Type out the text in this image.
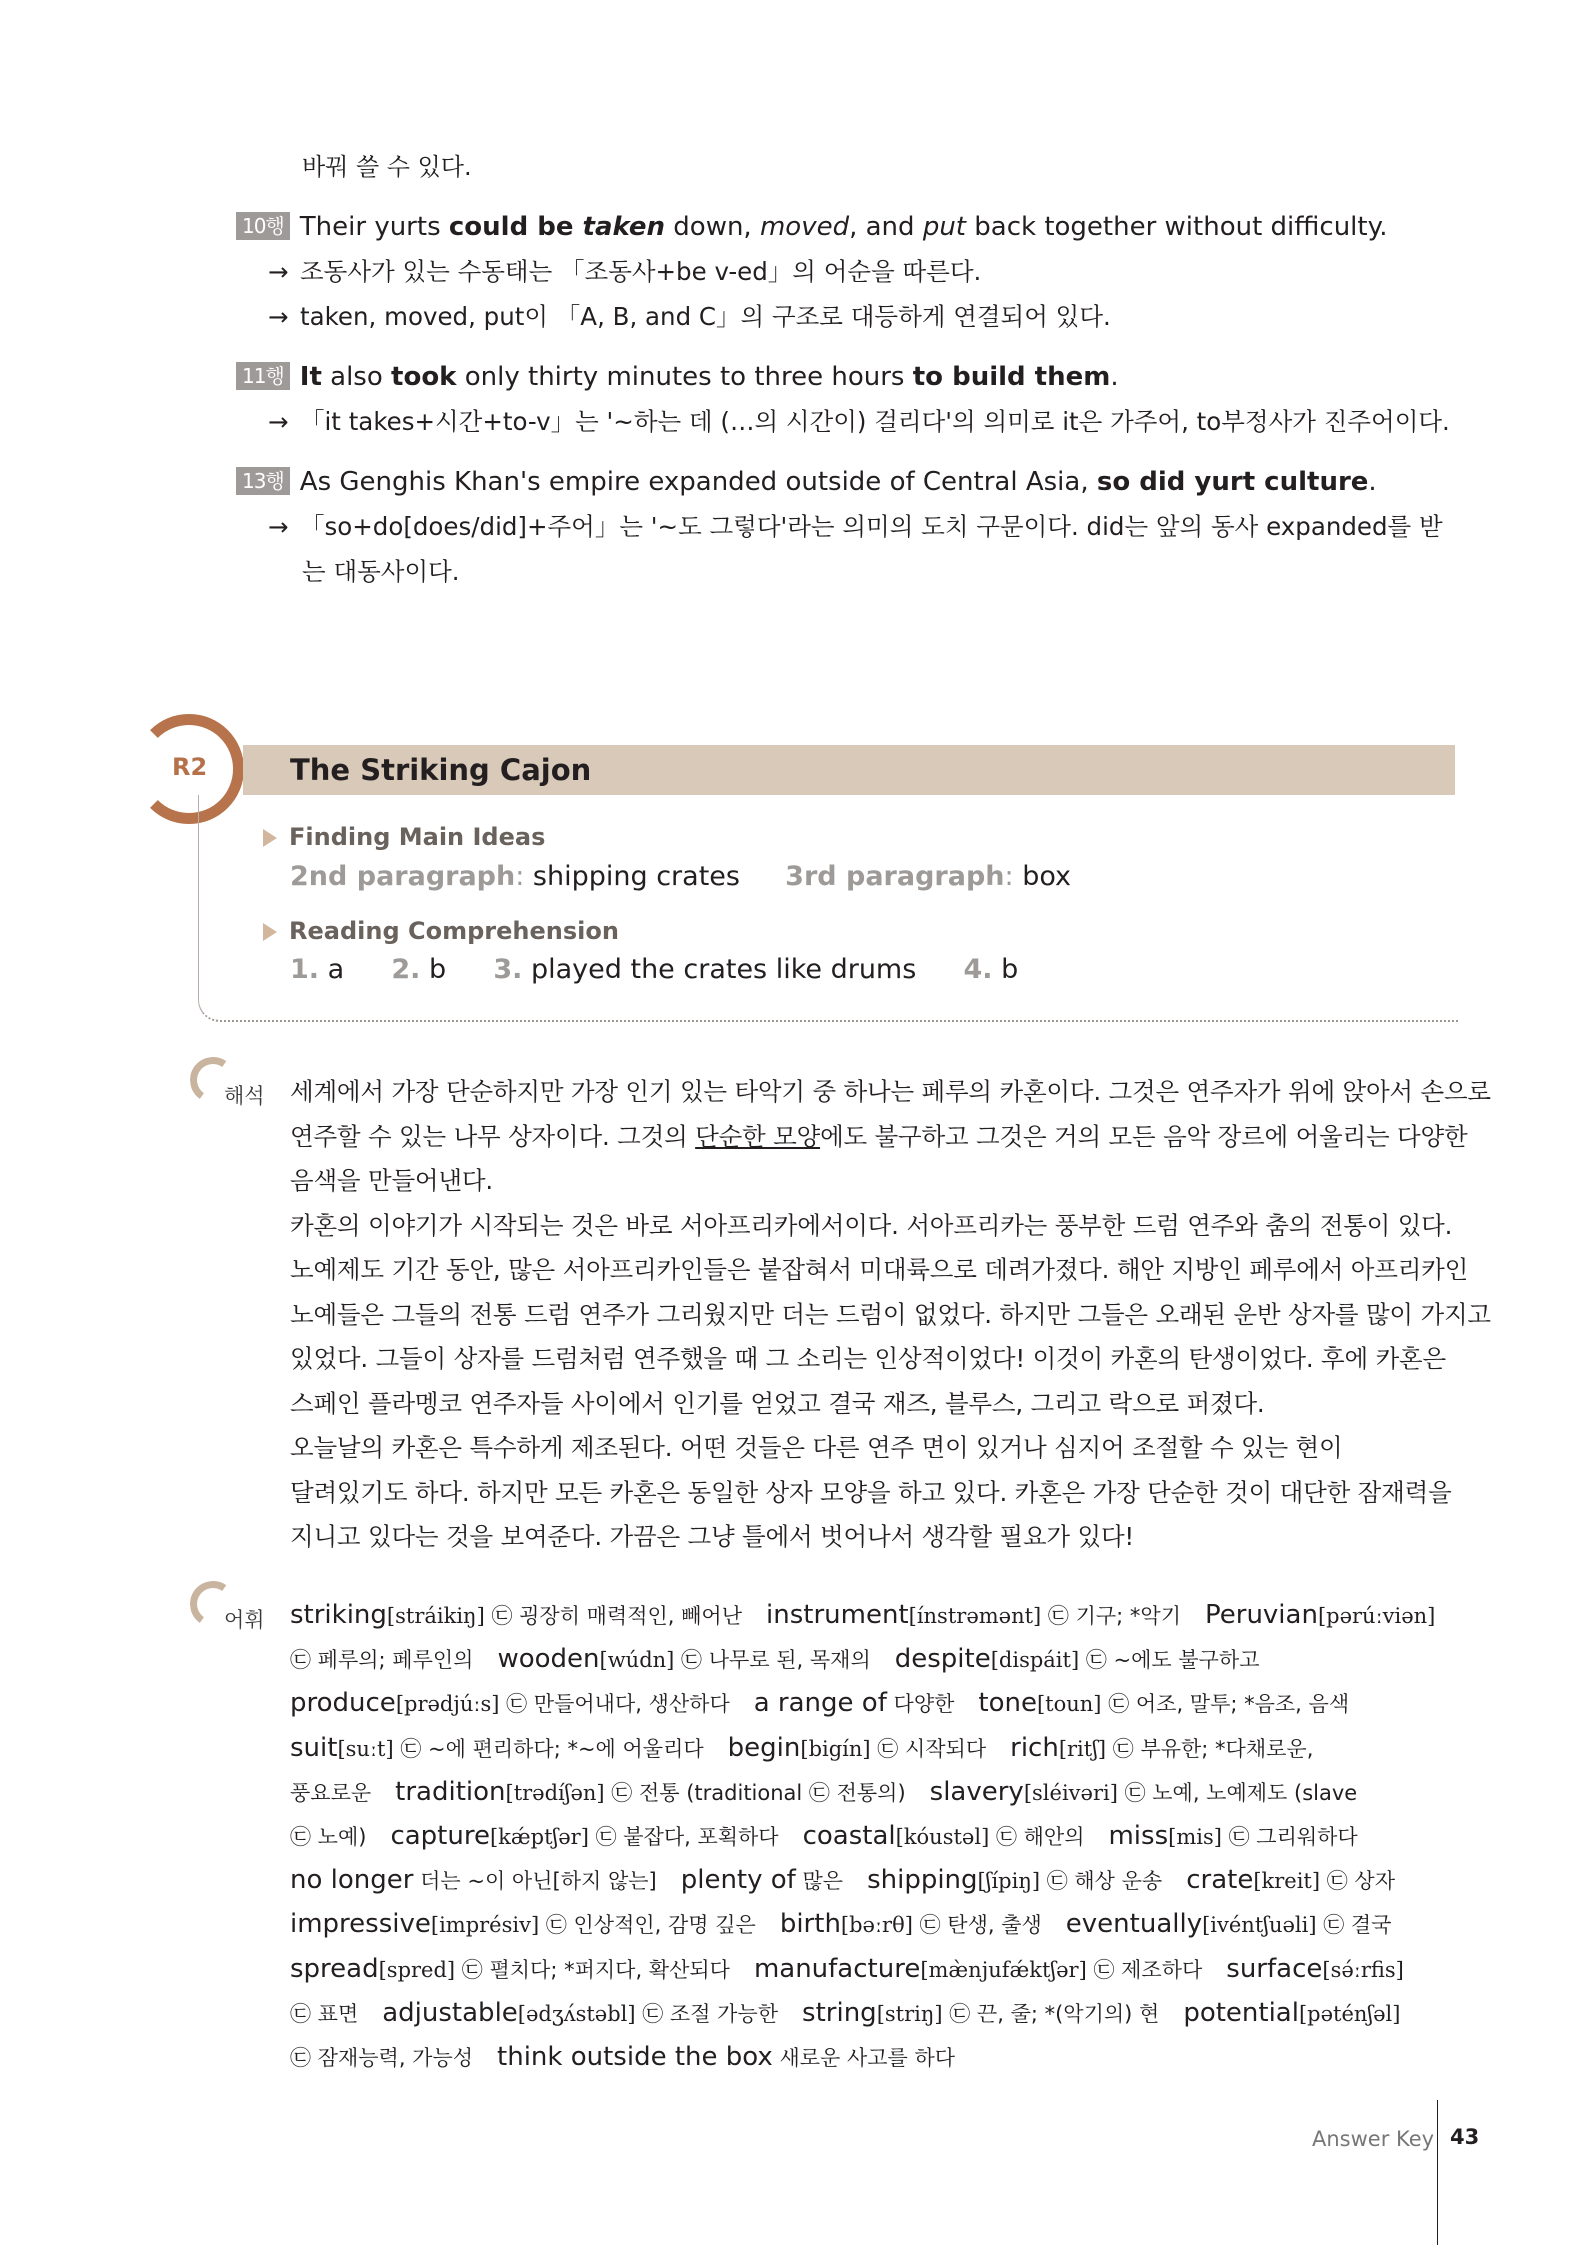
바꿔 쓸 수 있다.
10행 Their yurts could be taken down, moved, and put back together without difficulty.
→ 조동사가 있는 수동태는 「조동사+be v-ed」의 어순을 따른다.
→ taken, moved, put이 「A, B, and C」의 구조로 대등하게 연결되어 있다.
11행 It also took only thirty minutes to three hours to build them.
→ 「it takes+시간+to-v」는 '~하는 데 (…의 시간이) 걸리다'의 의미로 it은 가주어, to부정사가 진주어이다.
13행 As Genghis Khan's empire expanded outside of Central Asia, so did yurt culture.
→ 「so+do[does/did]+주어」는 '~도 그렇다'라는 의미의 도치 구문이다. did는 앞의 동사 expanded를 받
는 대동사이다.
R2	The Striking Cajon
Finding Main Ideas
2nd paragraph: shipping crates 3rd paragraph: box
Reading Comprehension
1. a 2. b 3. played the crates like drums 4. b
해석 세계에서 가장 단순하지만 가장 인기 있는 타악기 중 하나는 페루의 카혼이다. 그것은 연주자가 위에 앉아서 손으로
연주할 수 있는 나무 상자이다. 그것의 단순한 모양에도 불구하고 그것은 거의 모든 음악 장르에 어울리는 다양한
음색을 만들어낸다.
카혼의 이야기가 시작되는 것은 바로 서아프리카에서이다. 서아프리카는 풍부한 드럼 연주와 춤의 전통이 있다.
노예제도 기간 동안, 많은 서아프리카인들은 붙잡혀서 미대륙으로 데려가졌다. 해안 지방인 페루에서 아프리카인
노예들은 그들의 전통 드럼 연주가 그리웠지만 더는 드럼이 없었다. 하지만 그들은 오래된 운반 상자를 많이 가지고
있었다. 그들이 상자를 드럼처럼 연주했을 때 그 소리는 인상적이었다! 이것이 카혼의 탄생이었다. 후에 카혼은
스페인 플라멩코 연주자들 사이에서 인기를 얻었고 결국 재즈, 블루스, 그리고 락으로 퍼졌다.
오늘날의 카혼은 특수하게 제조된다. 어떤 것들은 다른 연주 면이 있거나 심지어 조절할 수 있는 현이
달려있기도 하다. 하지만 모든 카혼은 동일한 상자 모양을 하고 있다. 카혼은 가장 단순한 것이 대단한 잠재력을
지니고 있다는 것을 보여준다. 가끔은 그냥 틀에서 벗어나서 생각할 필요가 있다!
어휘 striking[stráikiŋ] ㉢ 굉장히 매력적인, 빼어난 instrument[ínstrəmənt] ㉢ 기구; *악기 Peruvian[pərúːviən]
㉢ 페루의; 페루인의 wooden[wúdn] ㉢ 나무로 된, 목재의 despite[dispáit] ㉢ ~에도 불구하고
produce[prədjúːs] ㉢ 만들어내다, 생산하다 a range of 다양한 tone[toun] ㉢ 어조, 말투; *음조, 음색
suit[suːt] ㉢ ~에 편리하다; *~에 어울리다 begin[bigín] ㉢ 시작되다 rich[ritʃ] ㉢ 부유한; *다채로운,
풍요로운 tradition[trədíʃən] ㉢ 전통 (traditional ㉢ 전통의) slavery[sléivəri] ㉢ 노예, 노예제도 (slave
㉢ 노예) capture[kǽptʃər] ㉢ 붙잡다, 포획하다 coastal[kóustəl] ㉢ 해안의 miss[mis] ㉢ 그리워하다
no longer 더는 ~이 아닌[하지 않는] plenty of 많은 shipping[ʃípiŋ] ㉢ 해상 운송 crate[kreit] ㉢ 상자
impressive[imprésiv] ㉢ 인상적인, 감명 깊은 birth[bəːrθ] ㉢ 탄생, 출생 eventually[ivéntʃuəli] ㉢ 결국
spread[spred] ㉢ 펼치다; *퍼지다, 확산되다 manufacture[mæ̀njufǽktʃər] ㉢ 제조하다 surface[sə́ːrfis]
㉢ 표면 adjustable[ədʒʌ́stəbl] ㉢ 조절 가능한 string[striŋ] ㉢ 끈, 줄; *(악기의) 현 potential[pəténʃəl]
㉢ 잠재능력, 가능성 think outside the box 새로운 사고를 하다
Answer Key 43
